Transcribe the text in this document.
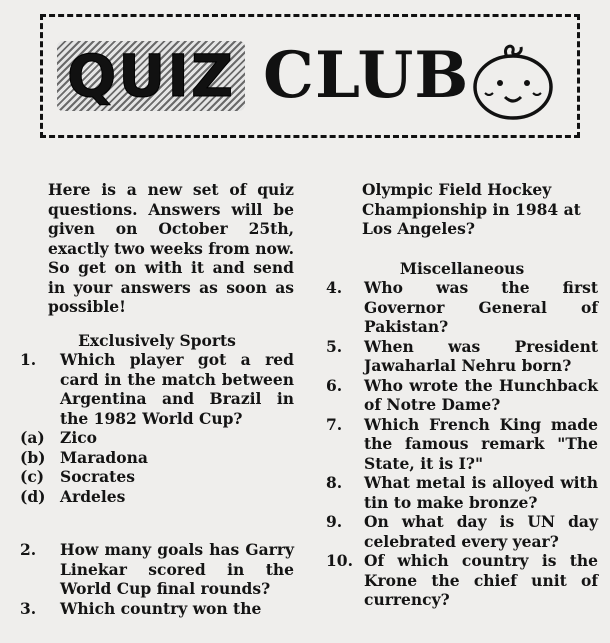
QUIZ CLUB

Here is a new set of quiz questions. Answers will be given on October 25th, exactly two weeks from now. So get on with it and send in your answers as soon as possible!

Exclusively Sports

1.	Which player got a red card in the match between Argentina and Brazil in the 1982 World Cup?
(a) Zico
(b) Maradona
(c)	Socrates
(d) Ardeles
2.	How many goals has Garry Linekar scored in the World Cup final rounds?
3.	Which country won the

Olympic Field Hockey Championship in 1984 at Los Angeles?

Miscellaneous

4.	Who was the first Governor General of Pakistan?
5.	When was President Jawaharlal Nehru born?
6.	Who wrote the Hunchback of Notre Dame?
7.	Which French King made the famous remark "The State, it is I?"
8.	What metal is alloyed with tin to make bronze?
9.	On what day is UN day celebrated every year?
10. Of which country is the Krone the chief unit of currency?
